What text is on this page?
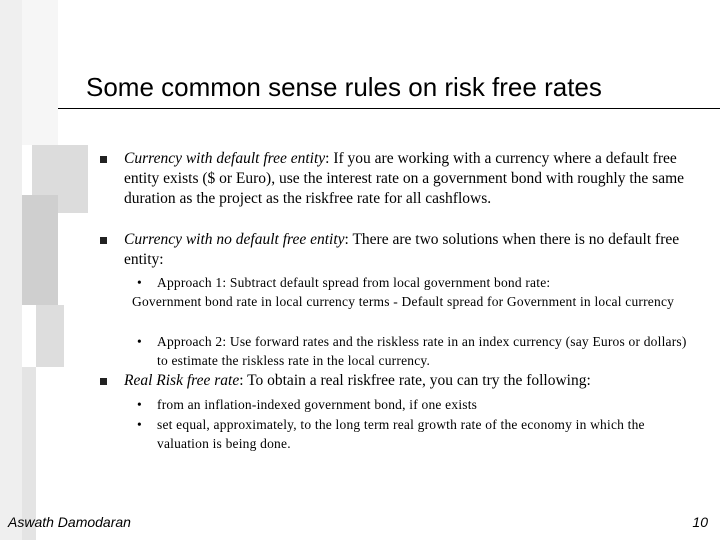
Some common sense rules on risk free rates
Currency with default free entity: If you are working with a currency where a default free entity exists ($ or Euro), use the interest rate on a government bond with roughly the same duration as the project as the riskfree rate for all cashflows.
Currency with no default free entity: There are two solutions when there is no default free entity:
• Approach 1: Subtract default spread from local government bond rate:
Government bond rate in local currency terms - Default spread for Government in local currency
• Approach 2: Use forward rates and the riskless rate in an index currency (say Euros or dollars) to estimate the riskless rate in the local currency.
Real Risk free rate: To obtain a real riskfree rate, you can try the following:
• from an inflation-indexed government bond, if one exists
• set equal, approximately, to the long term real growth rate of the economy in which the valuation is being done.
Aswath Damodaran	10
